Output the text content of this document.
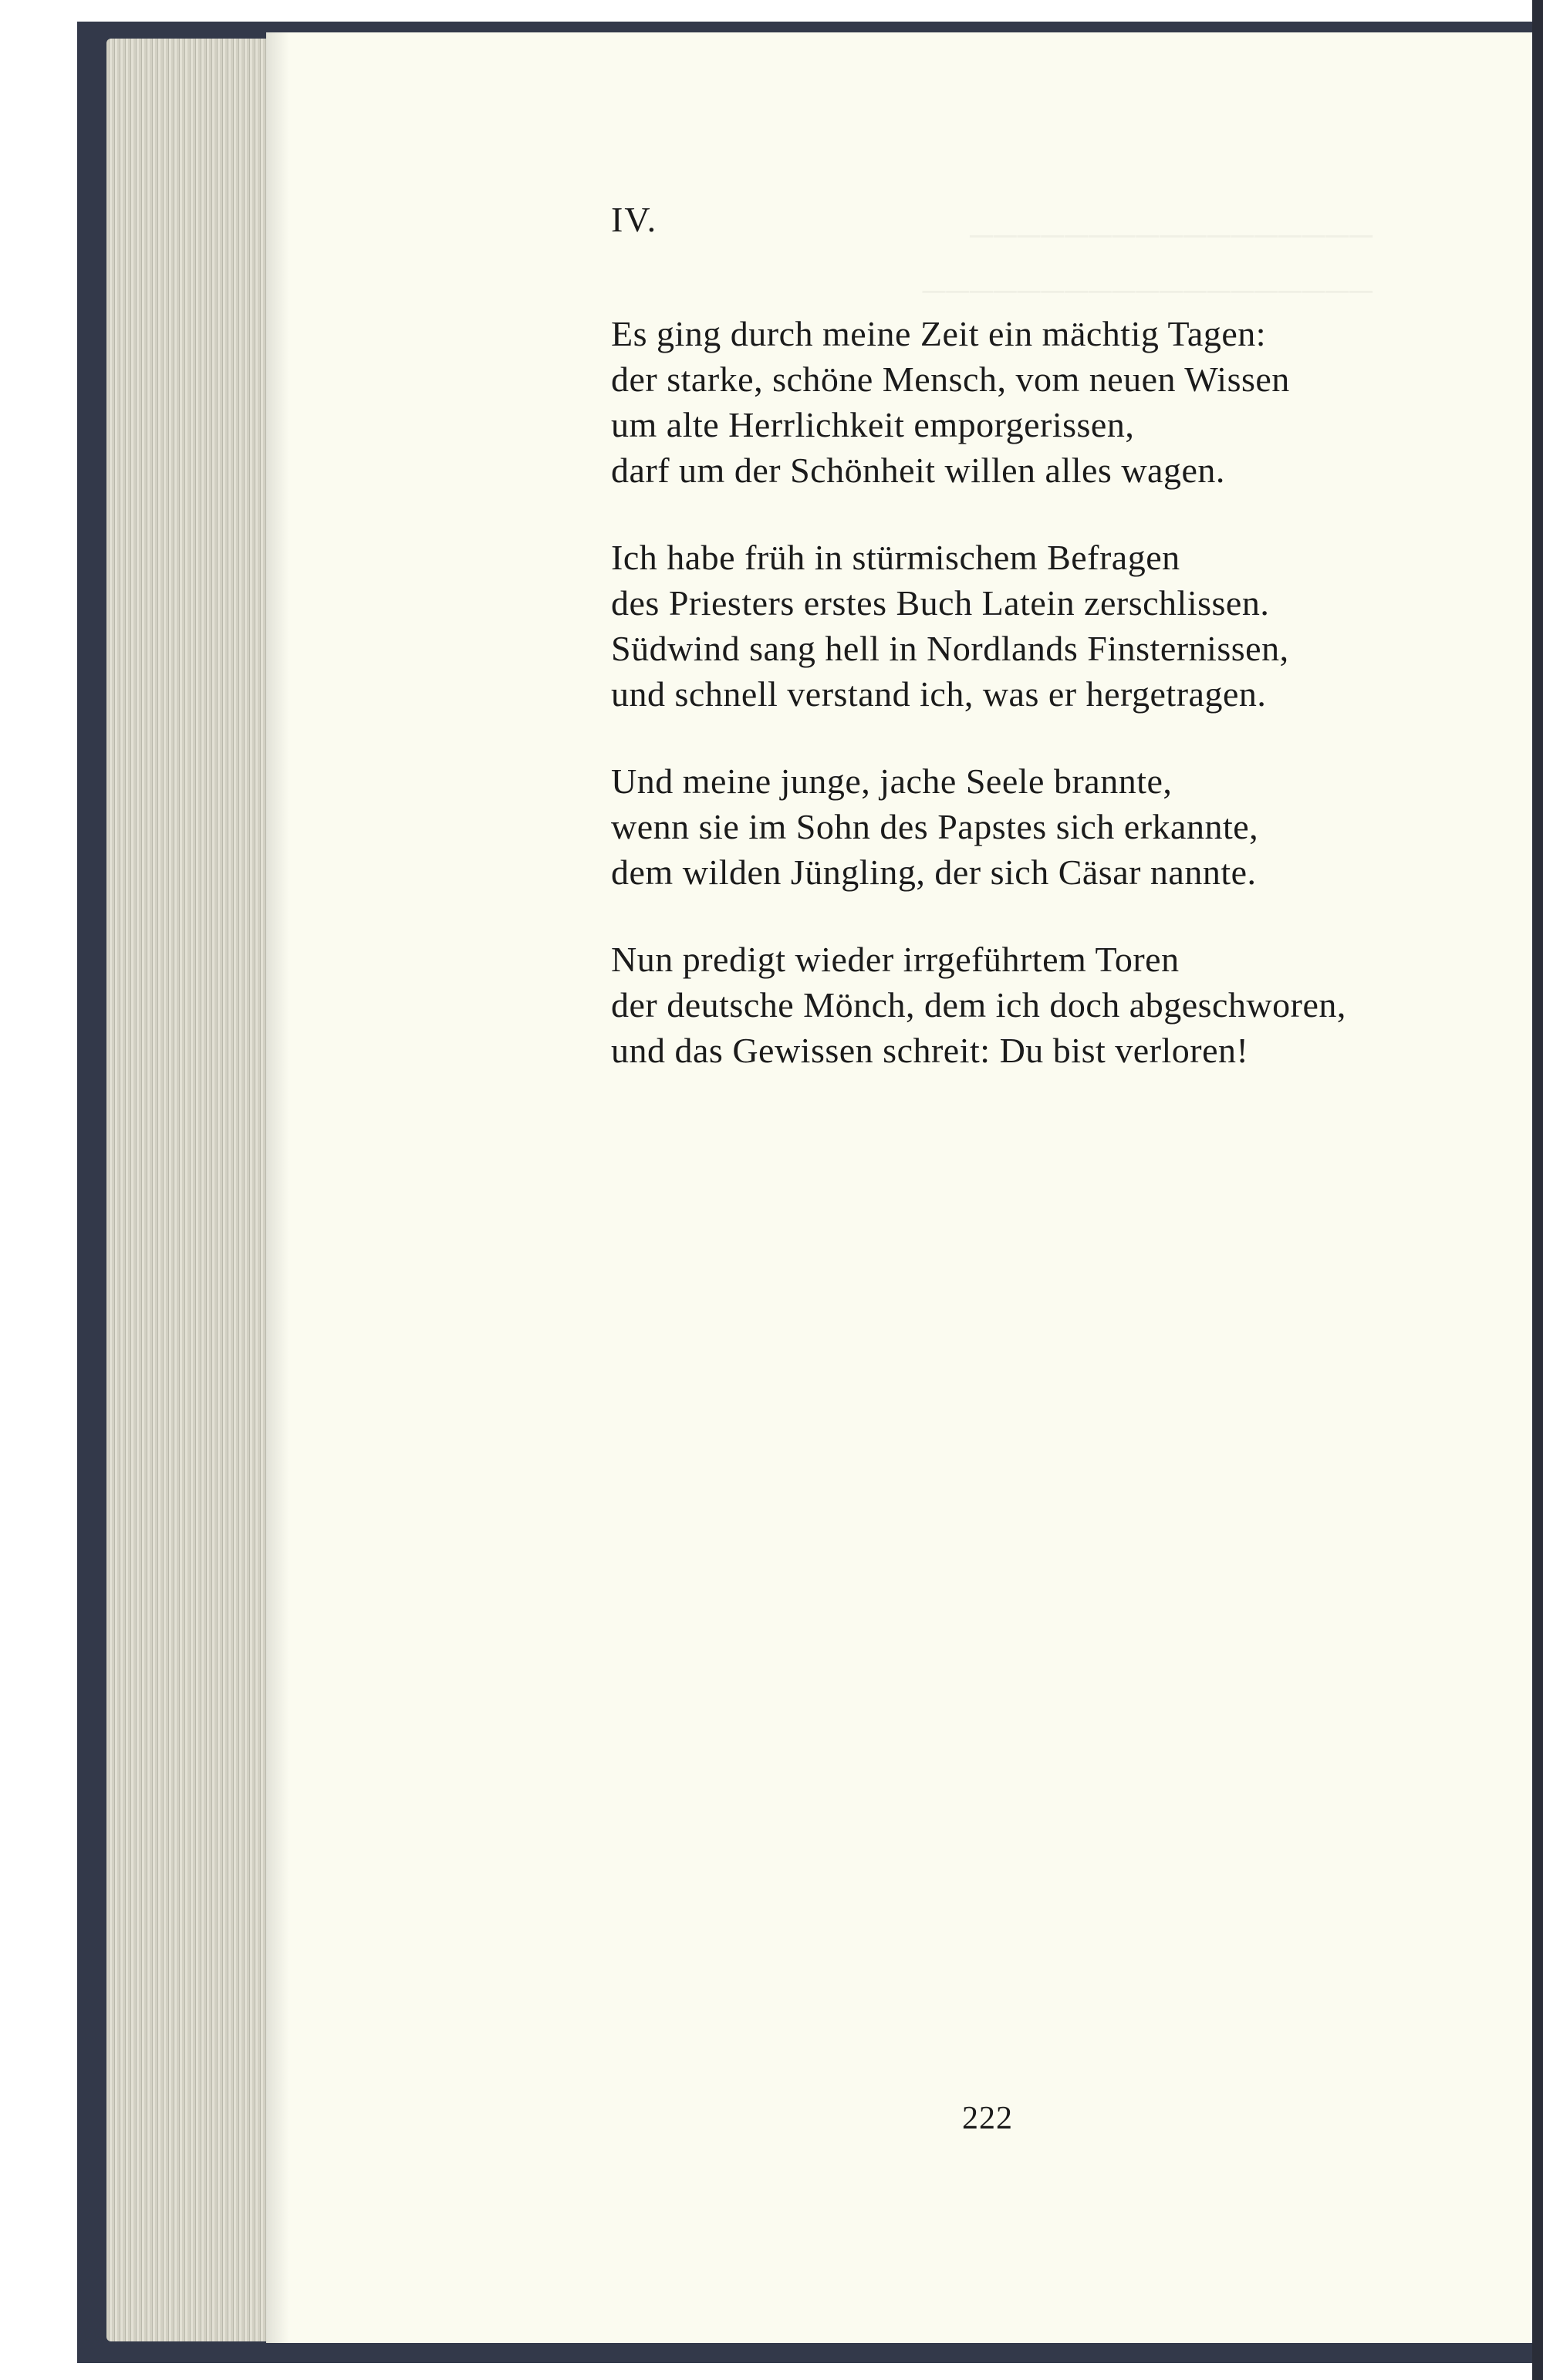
IV.
Es ging durch meine Zeit ein mächtig Tagen:
der starke, schöne Mensch, vom neuen Wissen
um alte Herrlichkeit emporgerissen,
darf um der Schönheit willen alles wagen.
Ich habe früh in stürmischem Befragen
des Priesters erstes Buch Latein zerschlissen.
Südwind sang hell in Nordlands Finsternissen,
und schnell verstand ich, was er hergetragen.
Und meine junge, jache Seele brannte,
wenn sie im Sohn des Papstes sich erkannte,
dem wilden Jüngling, der sich Cäsar nannte.
Nun predigt wieder irrgeführtem Toren
der deutsche Mönch, dem ich doch abgeschworen,
und das Gewissen schreit: Du bist verloren!
222
